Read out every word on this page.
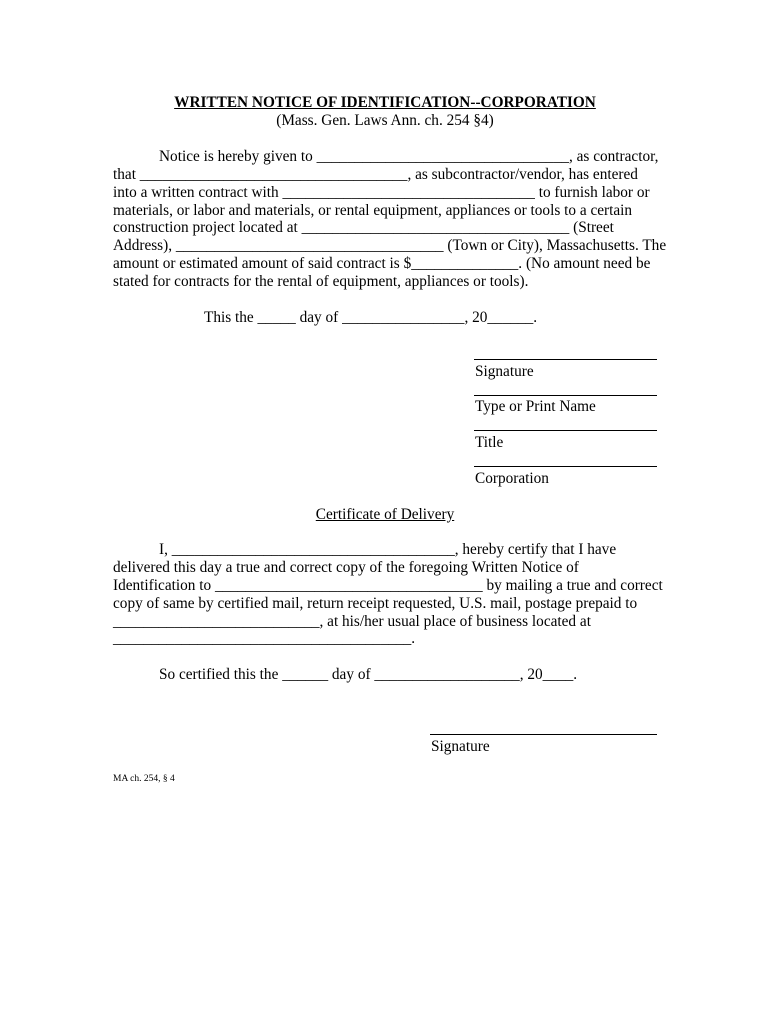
WRITTEN NOTICE OF IDENTIFICATION--CORPORATION
(Mass. Gen. Laws Ann. ch. 254 §4)
Notice is hereby given to _________________________________, as contractor,
that ___________________________________, as subcontractor/vendor, has entered
into a written contract with _________________________________ to furnish labor or
materials, or labor and materials, or rental equipment, appliances or tools to a certain
construction project located at ___________________________________ (Street
Address), ___________________________________ (Town or City), Massachusetts. The
amount or estimated amount of said contract is $______________. (No amount need be
stated for contracts for the rental of equipment, appliances or tools).
This the _____ day of ________________, 20______.
Signature
Type or Print Name
Title
Corporation
Certificate of Delivery
I, _____________________________________, hereby certify that I have
delivered this day a true and correct copy of the foregoing Written Notice of
Identification to ___________________________________ by mailing a true and correct
copy of same by certified mail, return receipt requested, U.S. mail, postage prepaid to
___________________________, at his/her usual place of business located at
_______________________________________.
So certified this the ______ day of ___________________, 20____.
Signature
MA ch. 254, § 4
